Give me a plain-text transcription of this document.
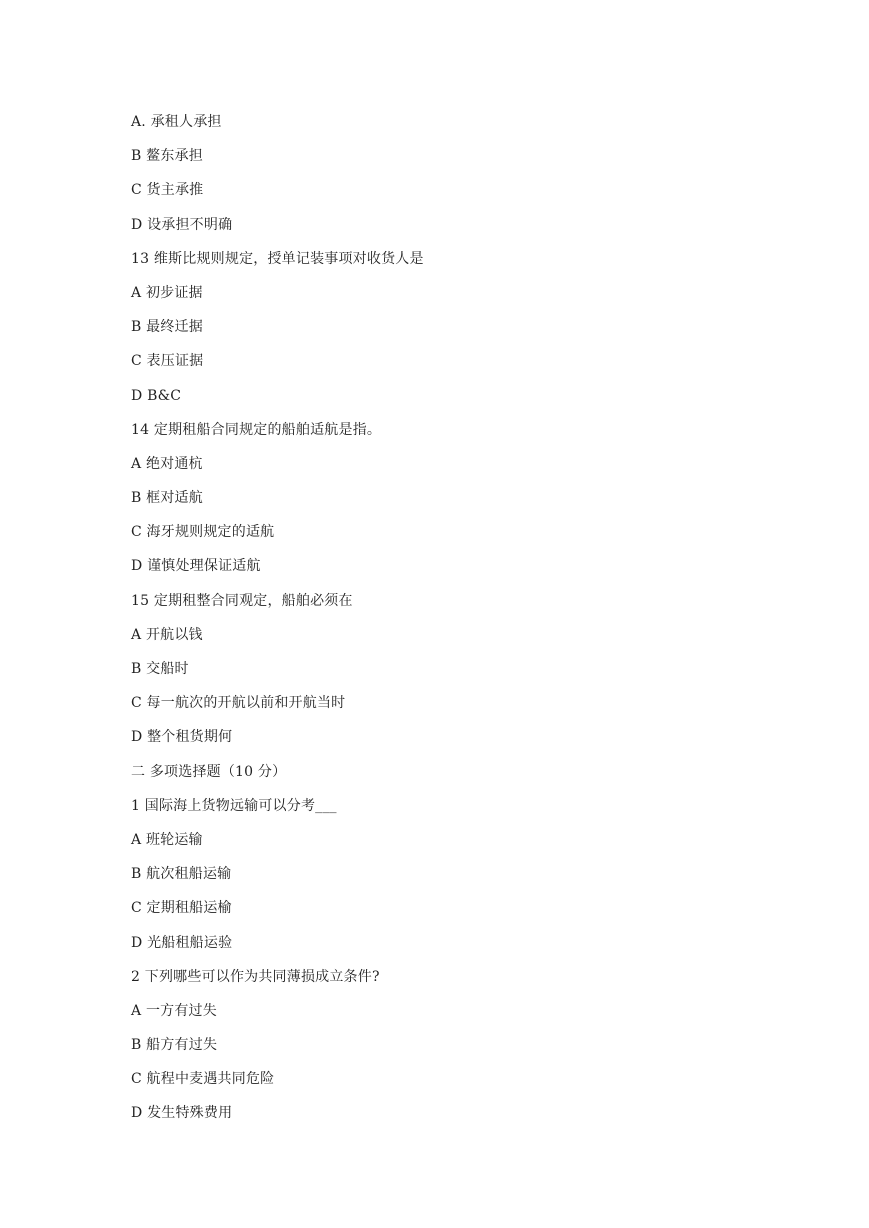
A. 承租人承担
B 鳌东承担
C 货主承推
D 设承担不明确
13 维斯比规则规定，授单记装事项对收货人是
A 初步证据
B 最终迁据
C 表压证据
D B&C
14 定期租船合同规定的船舶适航是指。
A 绝对通杭
B 框对适航
C 海牙规则规定的适航
D 谨慎处理保证适航
15 定期租整合同观定，船舶必须在
A 开航以钱
B 交船时
C 每一航次的开航以前和开航当时
D 整个租货期何
二 多项选择题（10 分）
1 国际海上货物远输可以分考___
A 班轮运输
B 航次租船运输
C 定期租船运榆
D 光船租船运验
2 下列哪些可以作为共同薄损成立条件?
A 一方有过失
B 船方有过失
C 航程中麦遇共同危险
D 发生特殊费用
